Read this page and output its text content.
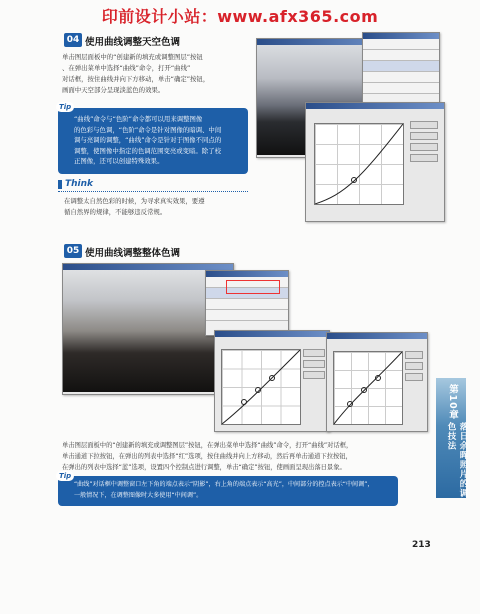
印前设计小站：www.afx365.com
04 使用曲线调整天空色调
单击图层面板中的“创建新的填充或调整图层”按钮
、在弹出菜单中选择“曲线”命令，打开“曲线”
对话框，按住曲线并向下方移动，单击“确定”按钮，
画面中天空部分呈现淡蓝色的效果。
Tip
“曲线”命令与“色阶”命令都可以用来调整图像
的色彩与色调，“色阶”命令是针对图像的暗调、中间
调与亮调的调整，“曲线”命令是针对于图像不同点的
调整，使图像中指定的色调范围变亮或变暗。除了校
正图像，还可以创建特殊效果。
Think
在调整太自然色彩的时候，为寻求真实效果，要遵
循自然界的规律，不能够违反常规。
05 使用曲线调整整体色调
单击图层面板中的“创建新的填充或调整图层”按钮，在弹出菜单中选择“曲线”命令，打开“曲线”对话框，
单击通道下拉按钮，在弹出的列表中选择“红”选项，按住曲线并向上方移动，然后再单击通道下拉按钮，
在弹出的列表中选择“蓝”选项，设置四个控制点进行调整，单击“确定”按钮，使画面呈现出落日景象。
Tip
“曲线”对话框中调整窗口左下角的端点表示“阴影”，右上角的端点表示“高光”，中间部分的控点表示“中间调”，
一般情况下，在调整图像时大多使用“中间调”。
第10章
落日余晖照片的调色技法
213
